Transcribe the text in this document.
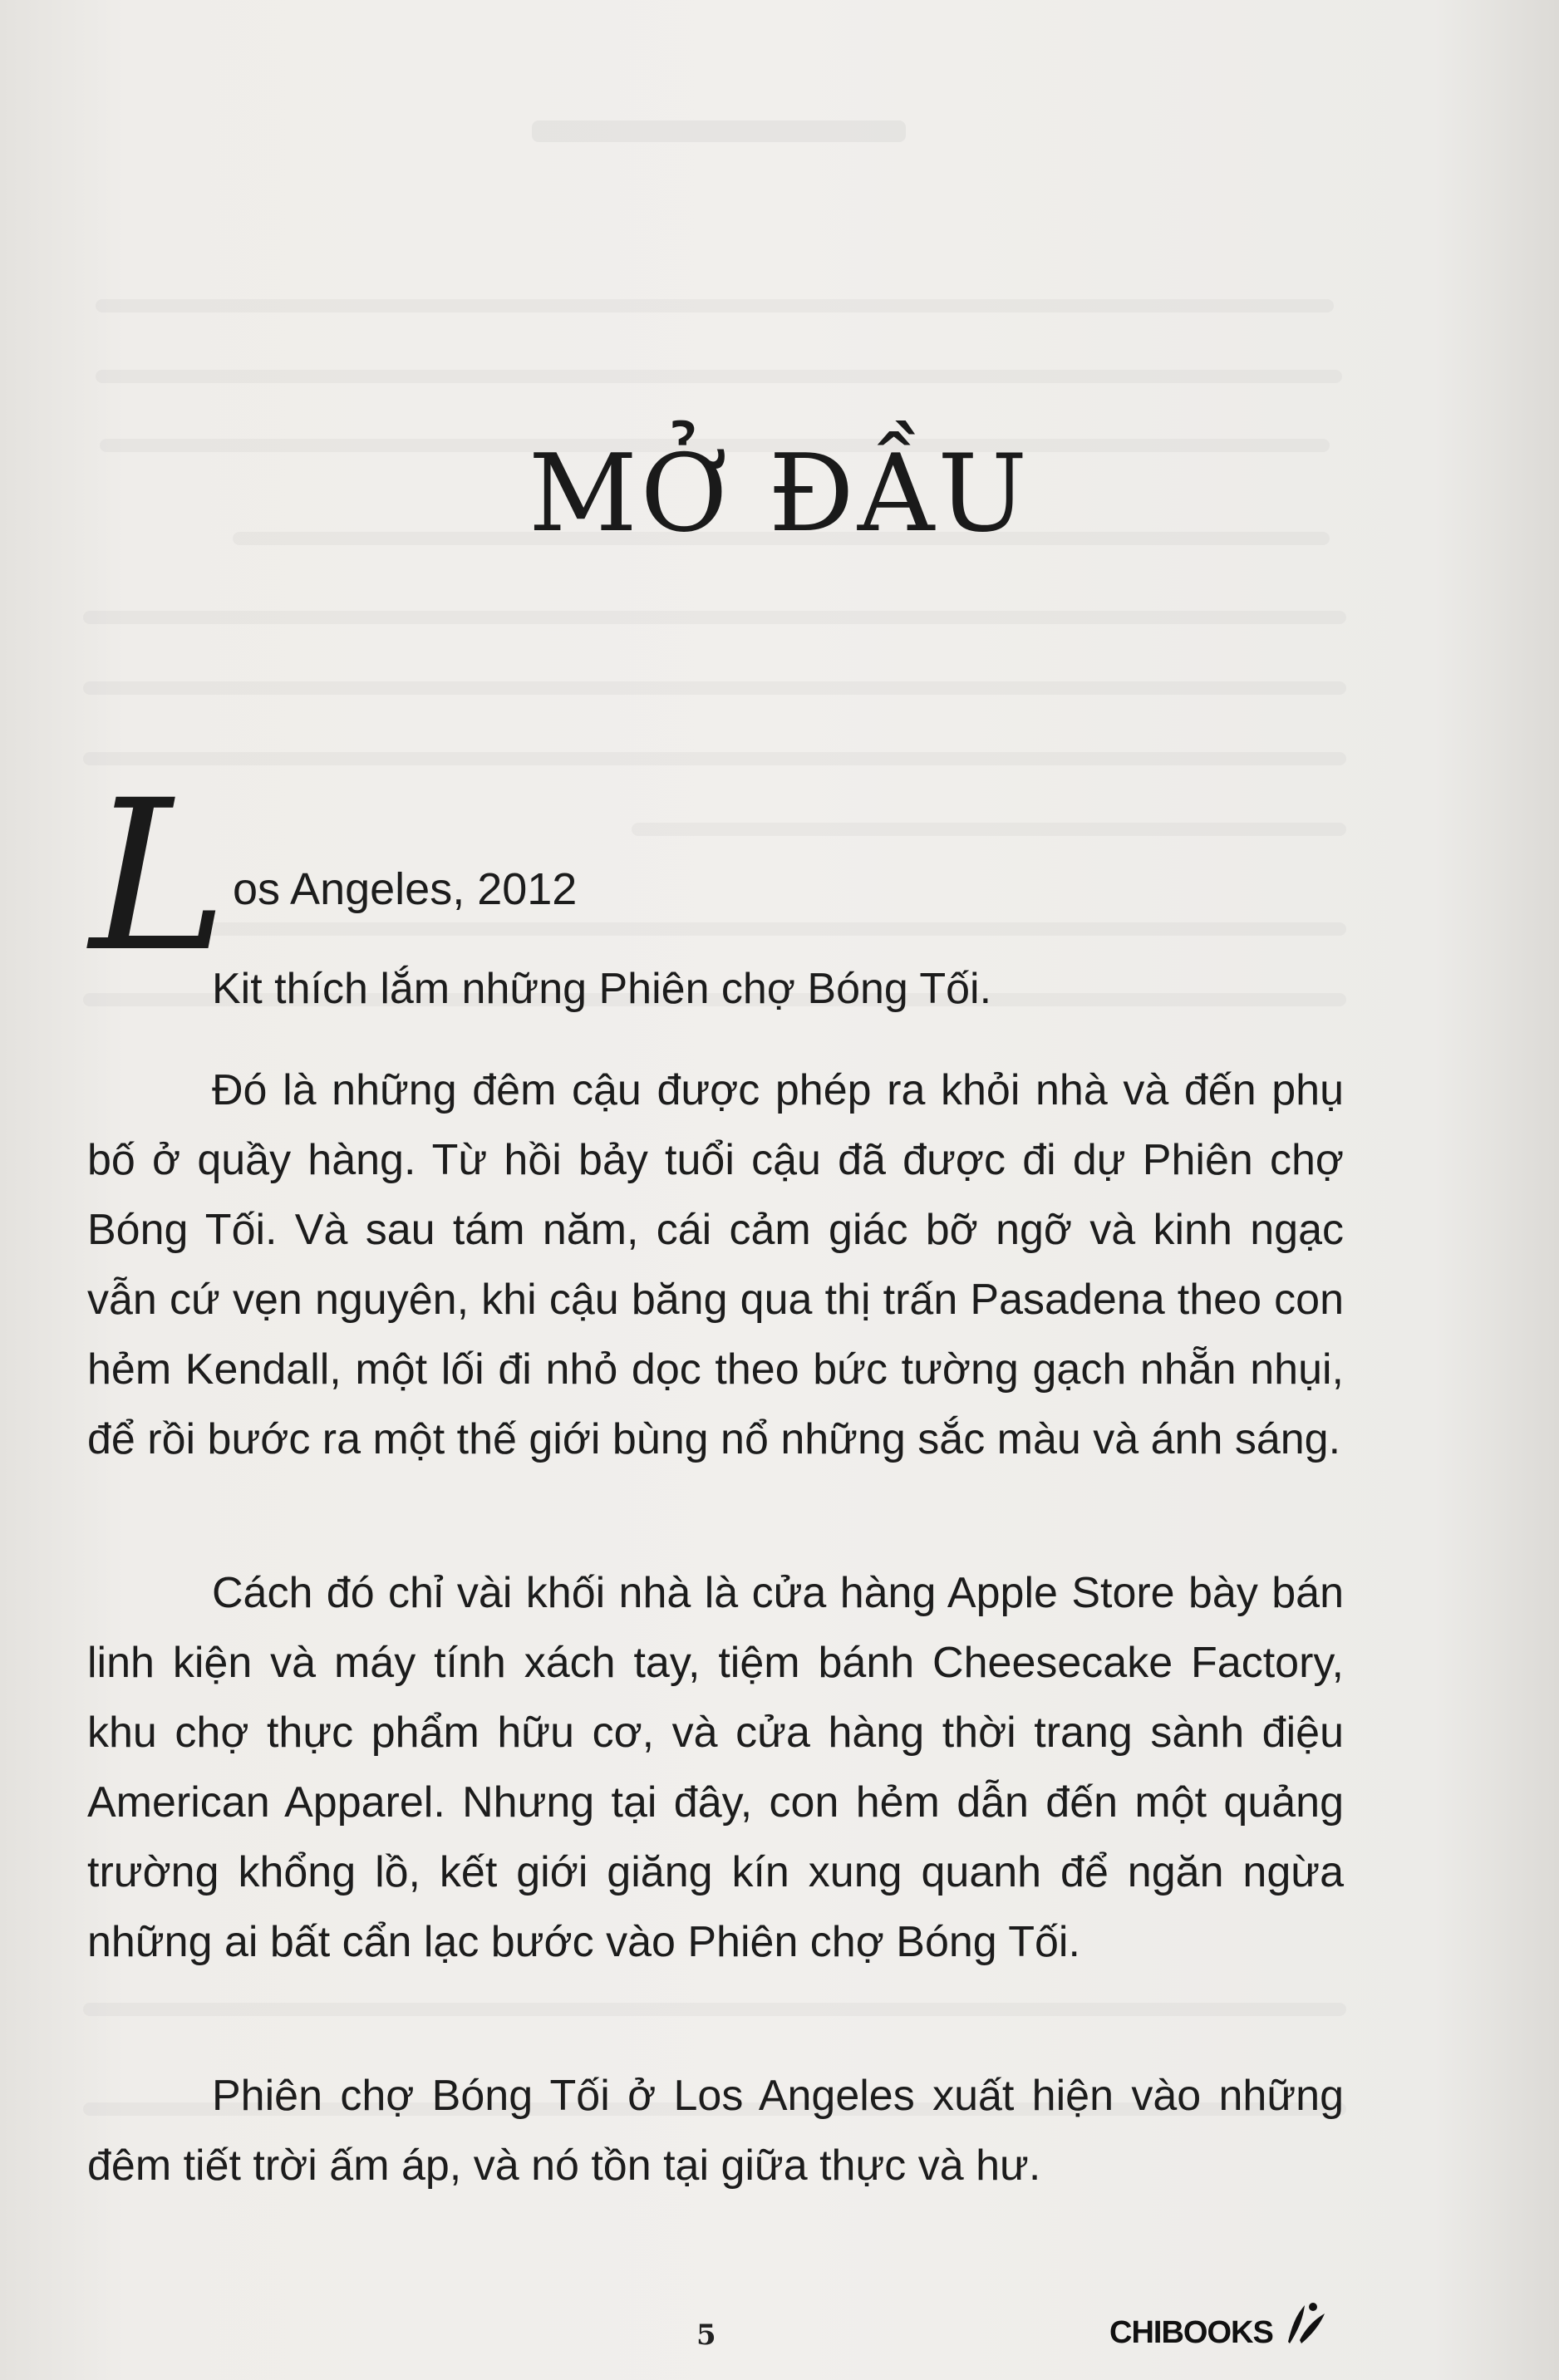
MỞ ĐẦU
L os Angeles, 2012

Kit thích lắm những Phiên chợ Bóng Tối.

Đó là những đêm cậu được phép ra khỏi nhà và đến phụ bố ở quầy hàng. Từ hồi bảy tuổi cậu đã được đi dự Phiên chợ Bóng Tối. Và sau tám năm, cái cảm giác bỡ ngỡ và kinh ngạc vẫn cứ vẹn nguyên, khi cậu băng qua thị trấn Pasadena theo con hẻm Kendall, một lối đi nhỏ dọc theo bức tường gạch nhẵn nhụi, để rồi bước ra một thế giới bùng nổ những sắc màu và ánh sáng.

Cách đó chỉ vài khối nhà là cửa hàng Apple Store bày bán linh kiện và máy tính xách tay, tiệm bánh Cheesecake Factory, khu chợ thực phẩm hữu cơ, và cửa hàng thời trang sành điệu American Apparel. Nhưng tại đây, con hẻm dẫn đến một quảng trường khổng lồ, kết giới giăng kín xung quanh để ngăn ngừa những ai bất cẩn lạc bước vào Phiên chợ Bóng Tối.

Phiên chợ Bóng Tối ở Los Angeles xuất hiện vào những đêm tiết trời ấm áp, và nó tồn tại giữa thực và hư.

5	CHIBOOKS
